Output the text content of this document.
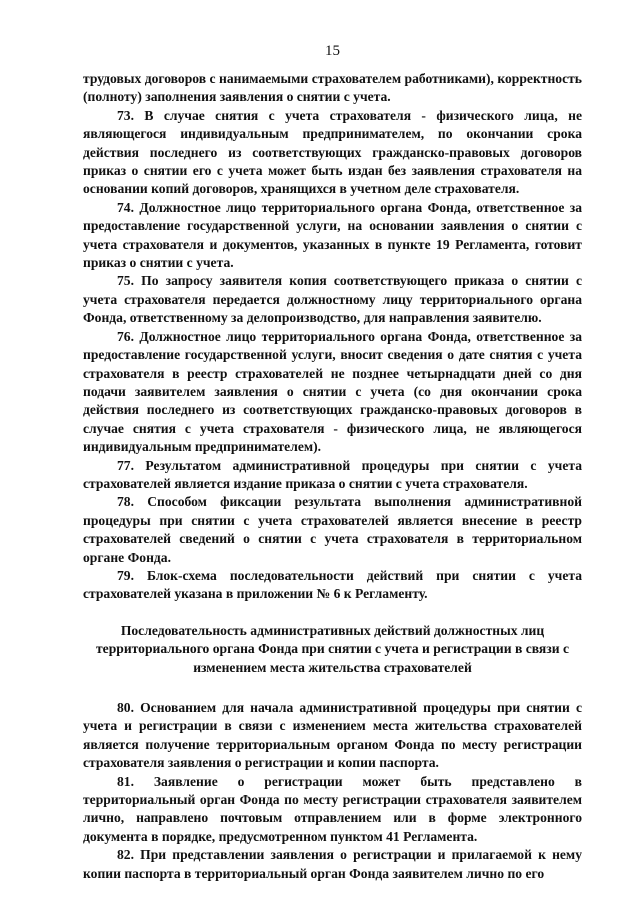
15

трудовых договоров с нанимаемыми страхователем работниками), корректность (полноту) заполнения заявления о снятии с учета.

73. В случае снятия с учета страхователя - физического лица, не являющегося индивидуальным предпринимателем, по окончании срока действия последнего из соответствующих гражданско-правовых договоров приказ о снятии его с учета может быть издан без заявления страхователя на основании копий договоров, хранящихся в учетном деле страхователя.

74. Должностное лицо территориального органа Фонда, ответственное за предоставление государственной услуги, на основании заявления о снятии с учета страхователя и документов, указанных в пункте 19 Регламента, готовит приказ о снятии с учета.

75. По запросу заявителя копия соответствующего приказа о снятии с учета страхователя передается должностному лицу территориального органа Фонда, ответственному за делопроизводство, для направления заявителю.

76. Должностное лицо территориального органа Фонда, ответственное за предоставление государственной услуги, вносит сведения о дате снятия с учета страхователя в реестр страхователей не позднее четырнадцати дней со дня подачи заявителем заявления о снятии с учета (со дня окончании срока действия последнего из соответствующих гражданско-правовых договоров в случае снятия с учета страхователя - физического лица, не являющегося индивидуальным предпринимателем).

77. Результатом административной процедуры при снятии с учета страхователей является издание приказа о снятии с учета страхователя.

78. Способом фиксации результата выполнения административной процедуры при снятии с учета страхователей является внесение в реестр страхователей сведений о снятии с учета страхователя в территориальном органе Фонда.

79. Блок-схема последовательности действий при снятии с учета страхователей указана в приложении № 6 к Регламенту.

Последовательность административных действий должностных лиц территориального органа Фонда при снятии с учета и регистрации в связи с изменением места жительства страхователей

80. Основанием для начала административной процедуры при снятии с учета и регистрации в связи с изменением места жительства страхователей является получение территориальным органом Фонда по месту регистрации страхователя заявления о регистрации и копии паспорта.

81. Заявление о регистрации может быть представлено в территориальный орган Фонда по месту регистрации страхователя заявителем лично, направлено почтовым отправлением или в форме электронного документа в порядке, предусмотренном пунктом 41 Регламента.

82. При представлении заявления о регистрации и прилагаемой к нему копии паспорта в территориальный орган Фонда заявителем лично по его
